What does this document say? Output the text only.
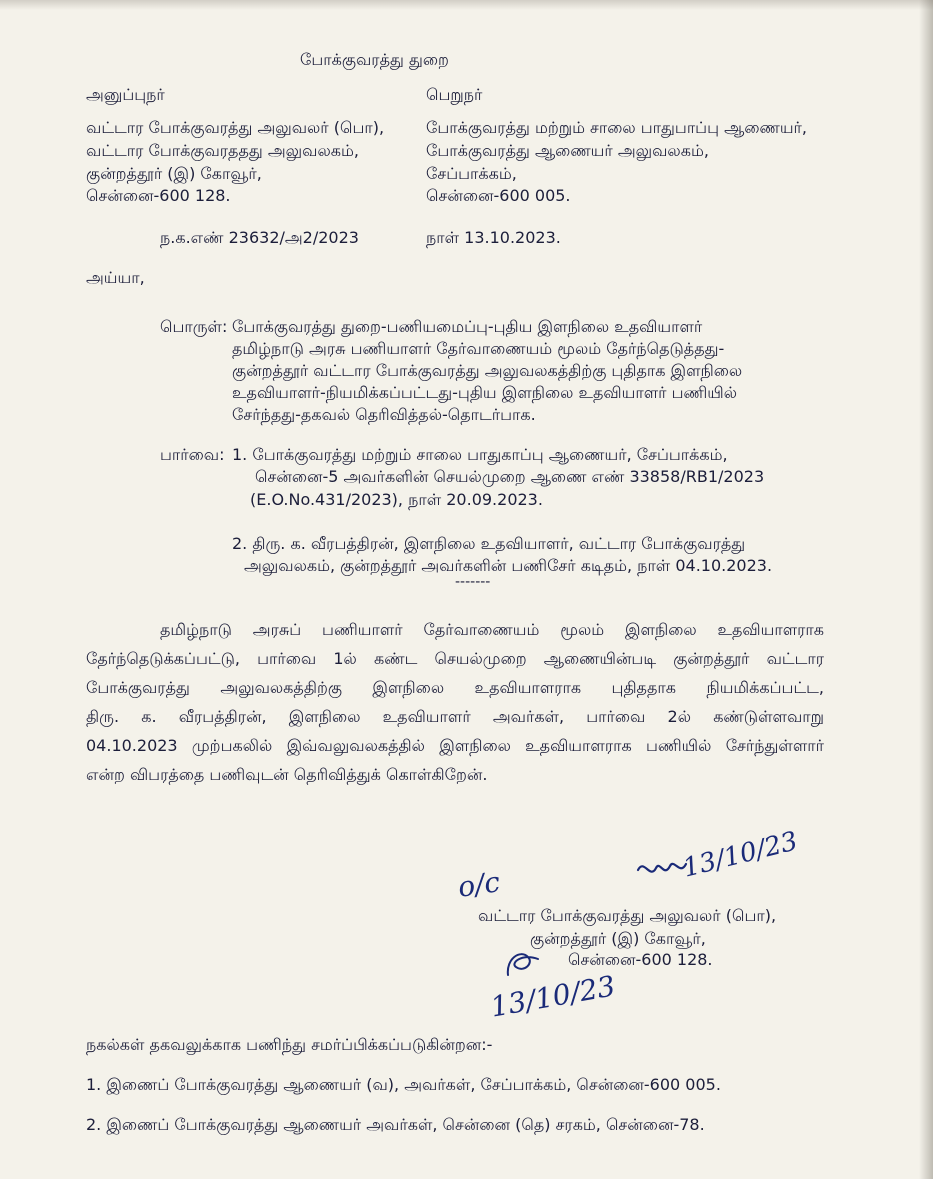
போக்குவரத்து துறை
அனுப்புநர்
வட்டார போக்குவரத்து அலுவலர் (பொ),
வட்டார போக்குவரததது அலுவலகம்,
குன்றத்தூர் (இ) கோவூர்,
சென்னை-600 128.
பெறுநர்
போக்குவரத்து மற்றும் சாலை பாதுபாப்பு ஆணையர்,
போக்குவரத்து ஆணையர் அலுவலகம்,
சேப்பாக்கம்,
சென்னை-600 005.
ந.க.எண் 23632/அ2/2023	நாள் 13.10.2023.
அய்யா,
பொருள்: போக்குவரத்து துறை-பணியமைப்பு-புதிய இளநிலை உதவியாளர்
தமிழ்நாடு அரசு பணியாளர் தேர்வாணையம் மூலம் தேர்ந்தெடுத்தது-
குன்றத்தூர் வட்டார போக்குவரத்து அலுவலகத்திற்கு புதிதாக இளநிலை
உதவியாளர்-நியமிக்கப்பட்டது-புதிய இளநிலை உதவியாளர் பணியில்
சேர்ந்தது-தகவல் தெரிவித்தல்-தொடர்பாக.
பார்வை: 1. போக்குவரத்து மற்றும் சாலை பாதுகாப்பு ஆணையர், சேப்பாக்கம்,
சென்னை-5 அவர்களின் செயல்முறை ஆணை எண் 33858/RB1/2023
(E.O.No.431/2023), நாள் 20.09.2023.
2. திரு. க. வீரபத்திரன், இளநிலை உதவியாளர், வட்டார போக்குவரத்து
அலுவலகம், குன்றத்தூர் அவர்களின் பணிசேர் கடிதம், நாள் 04.10.2023.
-------
தமிழ்நாடு அரசுப் பணியாளர் தேர்வாணையம் மூலம் இளநிலை உதவியாளராக
தேர்ந்தெடுக்கப்பட்டு, பார்வை 1ல் கண்ட செயல்முறை ஆணையின்படி குன்றத்தூர் வட்டார
போக்குவரத்து அலுவலகத்திற்கு இளநிலை உதவியாளராக புதிததாக நியமிக்கப்பட்ட,
திரு. க. வீரபத்திரன், இளநிலை உதவியாளர் அவர்கள், பார்வை 2ல் கண்டுள்ளவாறு
04.10.2023 முற்பகலில் இவ்வலுவலகத்தில் இளநிலை உதவியாளராக பணியில் சேர்ந்துள்ளார்
என்ற விபரத்தை பணிவுடன் தெரிவித்துக் கொள்கிறேன்.
o/c
13/10/23
வட்டார போக்குவரத்து அலுவலர் (பொ),
குன்றத்தூர் (இ) கோவூர்,
சென்னை-600 128.
13/10/23
நகல்கள் தகவலுக்காக பணிந்து சமர்ப்பிக்கப்படுகின்றன:-
1. இணைப் போக்குவரத்து ஆணையர் (வ), அவர்கள், சேப்பாக்கம், சென்னை-600 005.
2. இணைப் போக்குவரத்து ஆணையர் அவர்கள், சென்னை (தெ) சரகம், சென்னை-78.
